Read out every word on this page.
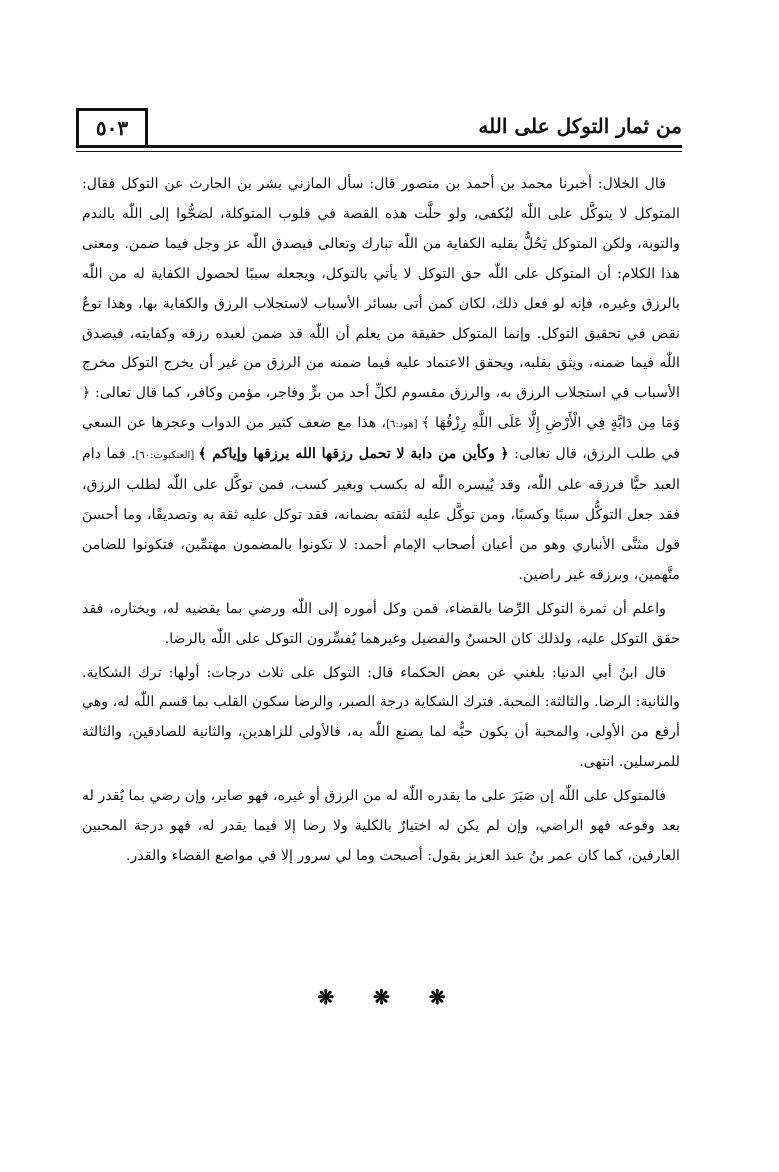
٥٠٣	من ثمار التوكل على الله

قال الخلال: أخبرنا محمد بن أحمد بن منصور قال: سأل المازني بشر بن الحارث عن التوكل فقال: المتوكل لا يتوكَّل على اللّٰه ليُكفى، ولو حلَّت هذه القصة في قلوب المتوكلة، لضجُّوا إلى اللّٰه بالندم والتوبة، ولكن المتوكل يَحُلُّ بقلبه الكفاية من اللّٰه تبارك وتعالى فيصدق اللّٰه عز وجل فيما ضمن. ومعنى هذا الكلام: أن المتوكل على اللّٰه حق التوكل لا يأتي بالتوكل، ويجعله سببًا لحصول الكفاية له من اللّٰه بالرزق وغيره، فإنه لو فعل ذلك، لكان كمن أتى بسائر الأسباب لاستجلاب الرزق والكفاية بها، وهذا نوعُ نقص في تحقيق التوكل. وإنما المتوكل حقيقة من يعلم أن اللّٰه قد ضمن لعبده رزقه وكفايته، فيصدق اللّٰه فيما ضمنه، ويثق بقلبه، ويحقق الاعتماد عليه فيما ضمنه من الرزق من غير أن يخرج التوكل مخرج الأسباب في استجلاب الرزق به، والرزق مقسوم لكلِّ أحد من برٍّ وفاجر، مؤمن وكافر، كما قال تعالى: ﴿ وَمَا مِن دَابَّةٍ فِي الْأَرْضِ إِلَّا عَلَى اللَّهِ رِزْقُهَا ﴾ [هود:٦]، هذا مع ضعف كثير من الدواب وعجزها عن السعي في طلب الرزق، قال تعالى: ﴿ وكأين من دابة لا تحمل رزقها الله يرزقها وإياكم ﴾ [العنكبوت:٦٠]. فما دام العبد حيًّا فرزقه على اللّٰه، وقد يُيسره اللّٰه له بكسب وبغير كسب، فمن توكَّل على اللّٰه لطلب الرزق، فقد جعل التوكُّل سببًا وكسبًا، ومن توكَّل عليه لثقته بضمانه، فقد توكل عليه ثقة به وتصديقًا، وما أحسنَ قول مثنَّى الأنباري وهو من أعيان أصحاب الإمام أحمد: لا تكونوا بالمضمون مهتمِّين، فتكونوا للضامن متَّهمين، وبرزقه غير راضين.

واعلم أن ثمرة التوكل الرِّضا بالقضاء، فمن وكل أموره إلى اللّٰه ورضي بما يقضيه له، ويختاره، فقد حقق التوكل عليه، ولذلك كان الحسنُ والفضيل وغيرهما يُفسِّرون التوكل على اللّٰه بالرضا.

قال ابنُ أبي الدنيا: بلغني عن بعض الحكماء قال: التوكل على ثلاث درجات: أولها: ترك الشكاية. والثانية: الرضا. والثالثة: المحبة. فترك الشكاية درجة الصبر، والرضا سكون القلب بما قسم اللّٰه له، وهي أرفع من الأولى، والمحبة أن يكون حبُّه لما يصنع اللّٰه به، فالأولى للزاهدين، والثانية للصادقين، والثالثة للمرسلين. انتهى.

فالمتوكل على اللّٰه إن صَبَرَ على ما يقدره اللّٰه له من الرزق أو غيره، فهو صابر، وإن رضي بما يُقدر له بعد وقوعه فهو الراضي، وإن لم يكن له اختيارٌ بالكلية ولا رضا إلا فيما يقدر له، فهو درجة المحبين العارفين، كما كان عمر بنُ عبد العزيز يقول: أصبحت وما لي سرور إلا في مواضع القضاء والقدر.

❋ ❋ ❋
